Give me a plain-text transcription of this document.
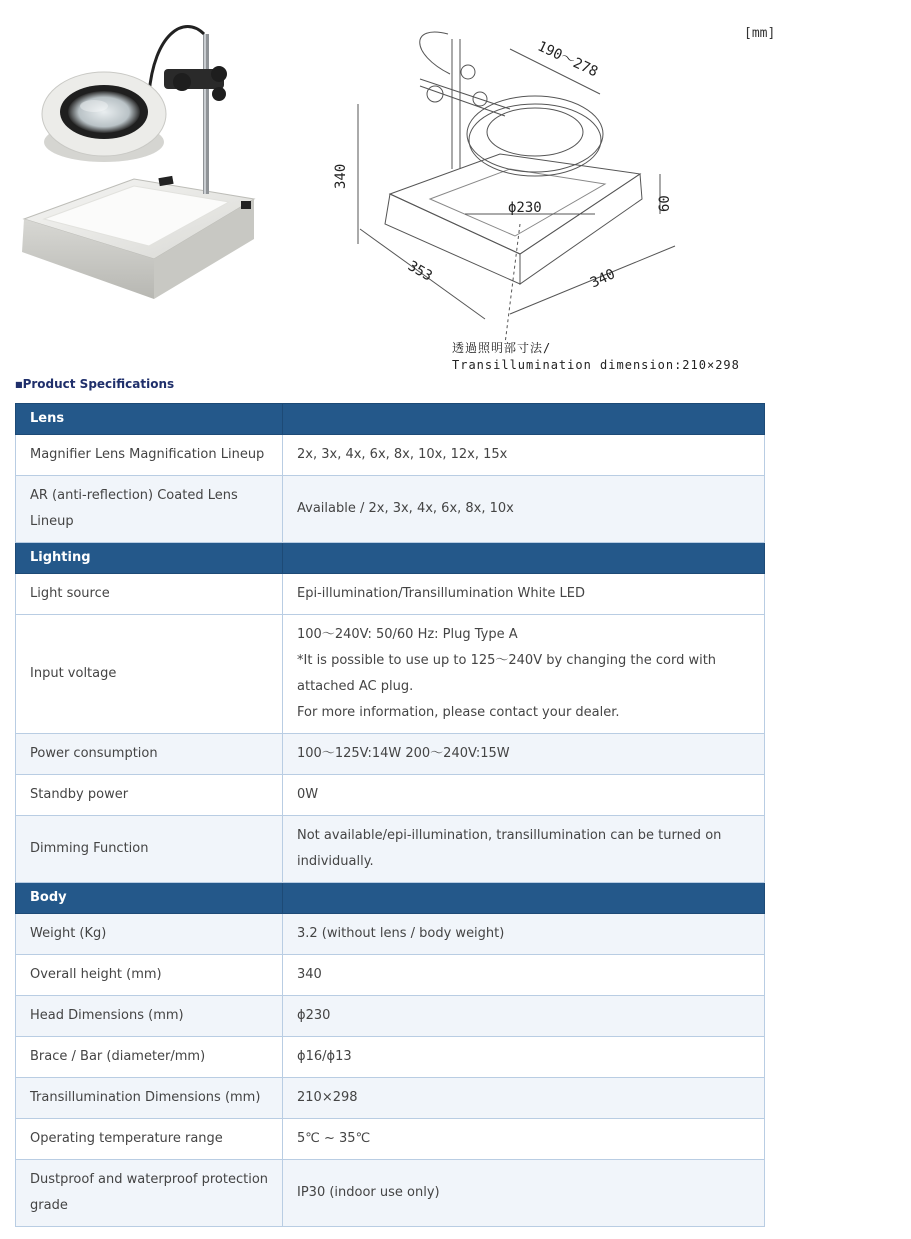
190～278
340
60
ϕ230
353	340
[mm]
透過照明部寸法/
Transillumination dimension:210×298
■Product Specifications
Lens	
Magnifier Lens Magnification Lineup	2x, 3x, 4x, 6x, 8x, 10x, 12x, 15x
AR (anti-reflection) Coated Lens Lineup	Available / 2x, 3x, 4x, 6x, 8x, 10x
Lighting	
Light source	Epi-illumination/Transillumination White LED
Input voltage	100～240V: 50/60 Hz: Plug Type A
*It is possible to use up to 125～240V by changing the cord with attached AC plug.
For more information, please contact your dealer.

Power consumption	100～125V:14W 200～240V:15W
Standby power	0W
Dimming Function	Not available/epi-illumination, transillumination can be turned on individually.
Body	
Weight (Kg)	3.2 (without lens / body weight)
Overall height (mm)	340
Head Dimensions (mm)	ϕ230
Brace / Bar (diameter/mm)	ϕ16/ϕ13
Transillumination Dimensions (mm)	210×298
Operating temperature range	5℃ ~ 35℃
Dustproof and waterproof protection grade	IP30 (indoor use only)
